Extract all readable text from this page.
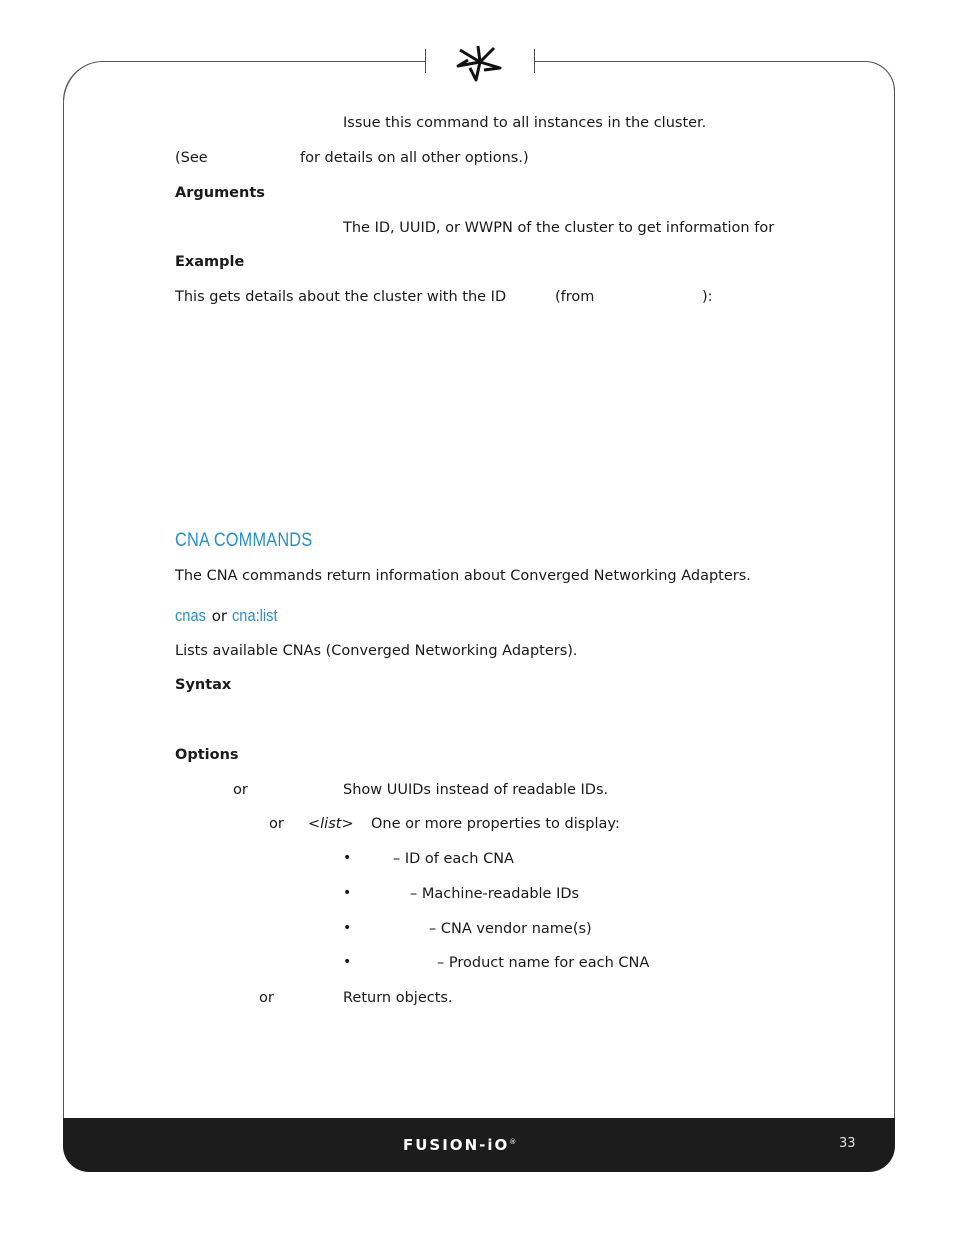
Issue this command to all instances in the cluster.
(See	for details on all other options.)
Arguments
The ID, UUID, or WWPN of the cluster to get information for
Example
This gets details about the cluster with the ID	(from	):
CNA COMMANDS
The CNA commands return information about Converged Networking Adapters.
cnas or cna:list
Lists available CNAs (Converged Networking Adapters).
Syntax
Options
or	Show UUIDs instead of readable IDs.
or <list> One or more properties to display:
•	– ID of each CNA
•	– Machine-readable IDs
•	– CNA vendor name(s)
•	– Product name for each CNA
or	Return objects.
FUSION-iO®	33
